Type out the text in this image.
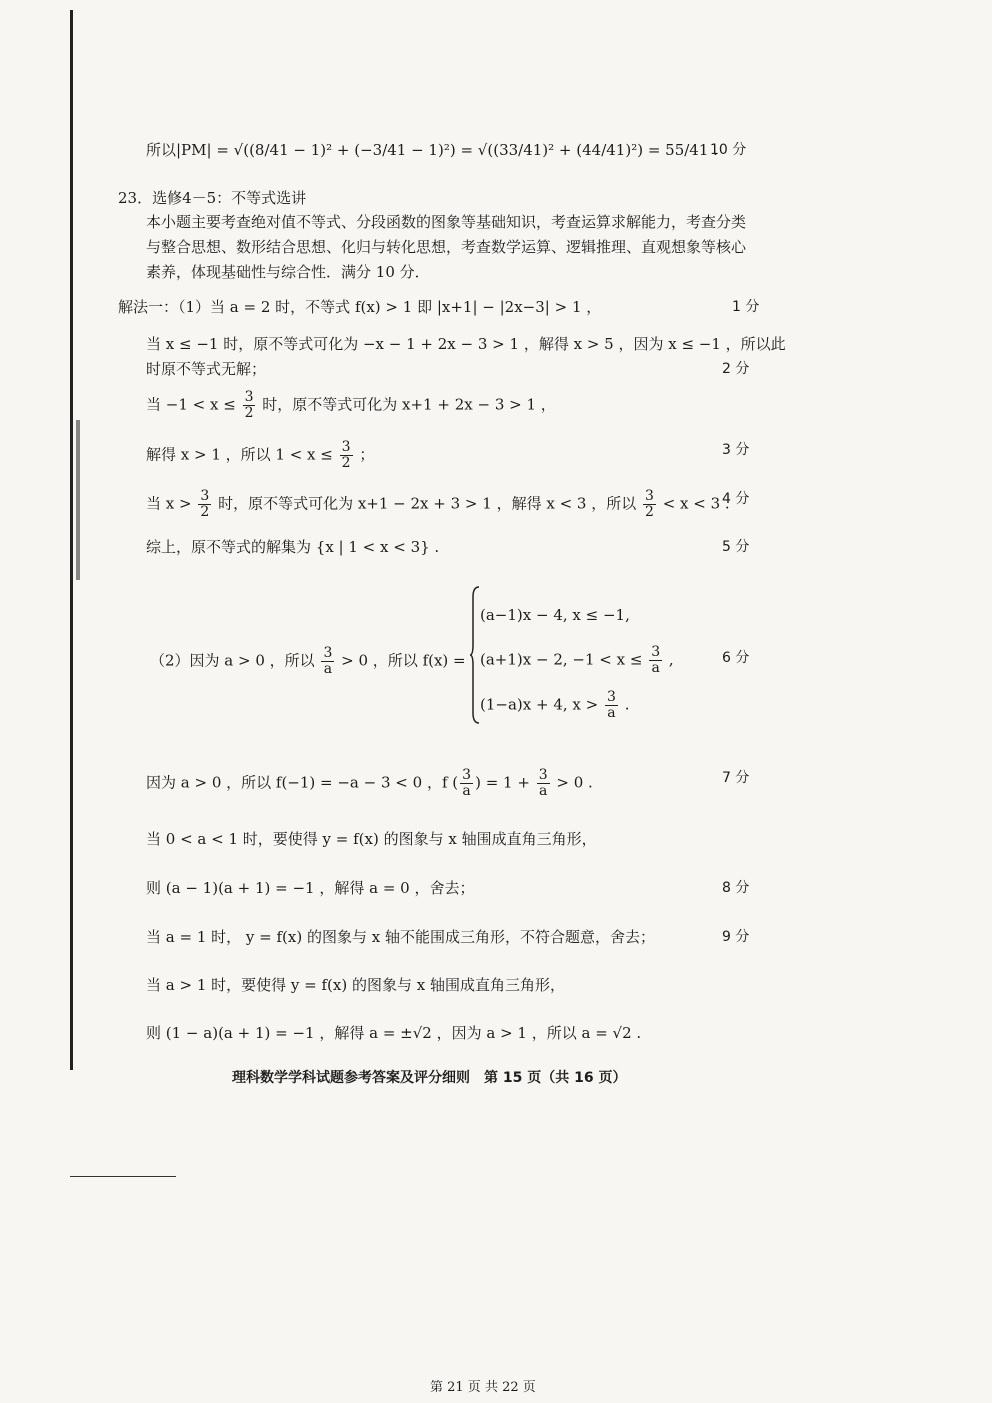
所以|PM| = √((8/41 − 1)² + (−3/41 − 1)²) = √((33/41)² + (44/41)²) = 55/41 .
10 分
23．选修4－5：不等式选讲
本小题主要考查绝对值不等式、分段函数的图象等基础知识，考查运算求解能力，考查分类与整合思想、数形结合思想、化归与转化思想，考查数学运算、逻辑推理、直观想象等核心素养，体现基础性与综合性．满分 10 分．
解法一：（1）当 a = 2 时，不等式 f(x) > 1 即 |x+1| − |2x−3| > 1 ，	1 分
当 x ≤ −1 时，原不等式可化为 −x − 1 + 2x − 3 > 1 ，解得 x > 5 ，因为 x ≤ −1 ，所以此
时原不等式无解；	2 分
当 $-1 < x \le \frac{3}{2}$ 时，原不等式可化为 x+1 + 2x − 3 > 1 ，
解得 x > 1 ，所以 $1 < x \le \frac{3}{2}$ ；	3 分
当 $x > \frac{3}{2}$ 时，原不等式可化为 x+1 − 2x + 3 > 1 ，解得 x < 3 ，所以 $\frac{3}{2} < x < 3$ .
4 分
综上，原不等式的解集为 {x | 1 < x < 3} .	5 分
（2）因为 a > 0 ，所以 $\frac{3}{a} > 0$ ，所以 f(x) =
(a−1)x − 4, x ≤ −1,
(a+1)x − 2, $-1 < x \le \frac{3}{a}$ ,
(1−a)x + 4, $x > \frac{3}{a}$ .
6 分
因为 a > 0 ，所以 f(−1) = −a − 3 < 0 ，f ( $\frac{3}{a}$ ) = $1 + \frac{3}{a} > 0$ .	7 分
当 0 < a < 1 时，要使得 y = f(x) 的图象与 x 轴围成直角三角形，
则 (a − 1)(a + 1) = −1 ，解得 a = 0 ，舍去；	8 分
当 a = 1 时， y = f(x) 的图象与 x 轴不能围成三角形，不符合题意，舍去；	9 分
当 a > 1 时，要使得 y = f(x) 的图象与 x 轴围成直角三角形，
则 (1 − a)(a + 1) = −1 ，解得 a = ±√2 ，因为 a > 1 ，所以 a = √2 .
理科数学学科试题参考答案及评分细则　第 15 页（共 16 页）
第 21 页 共 22 页
